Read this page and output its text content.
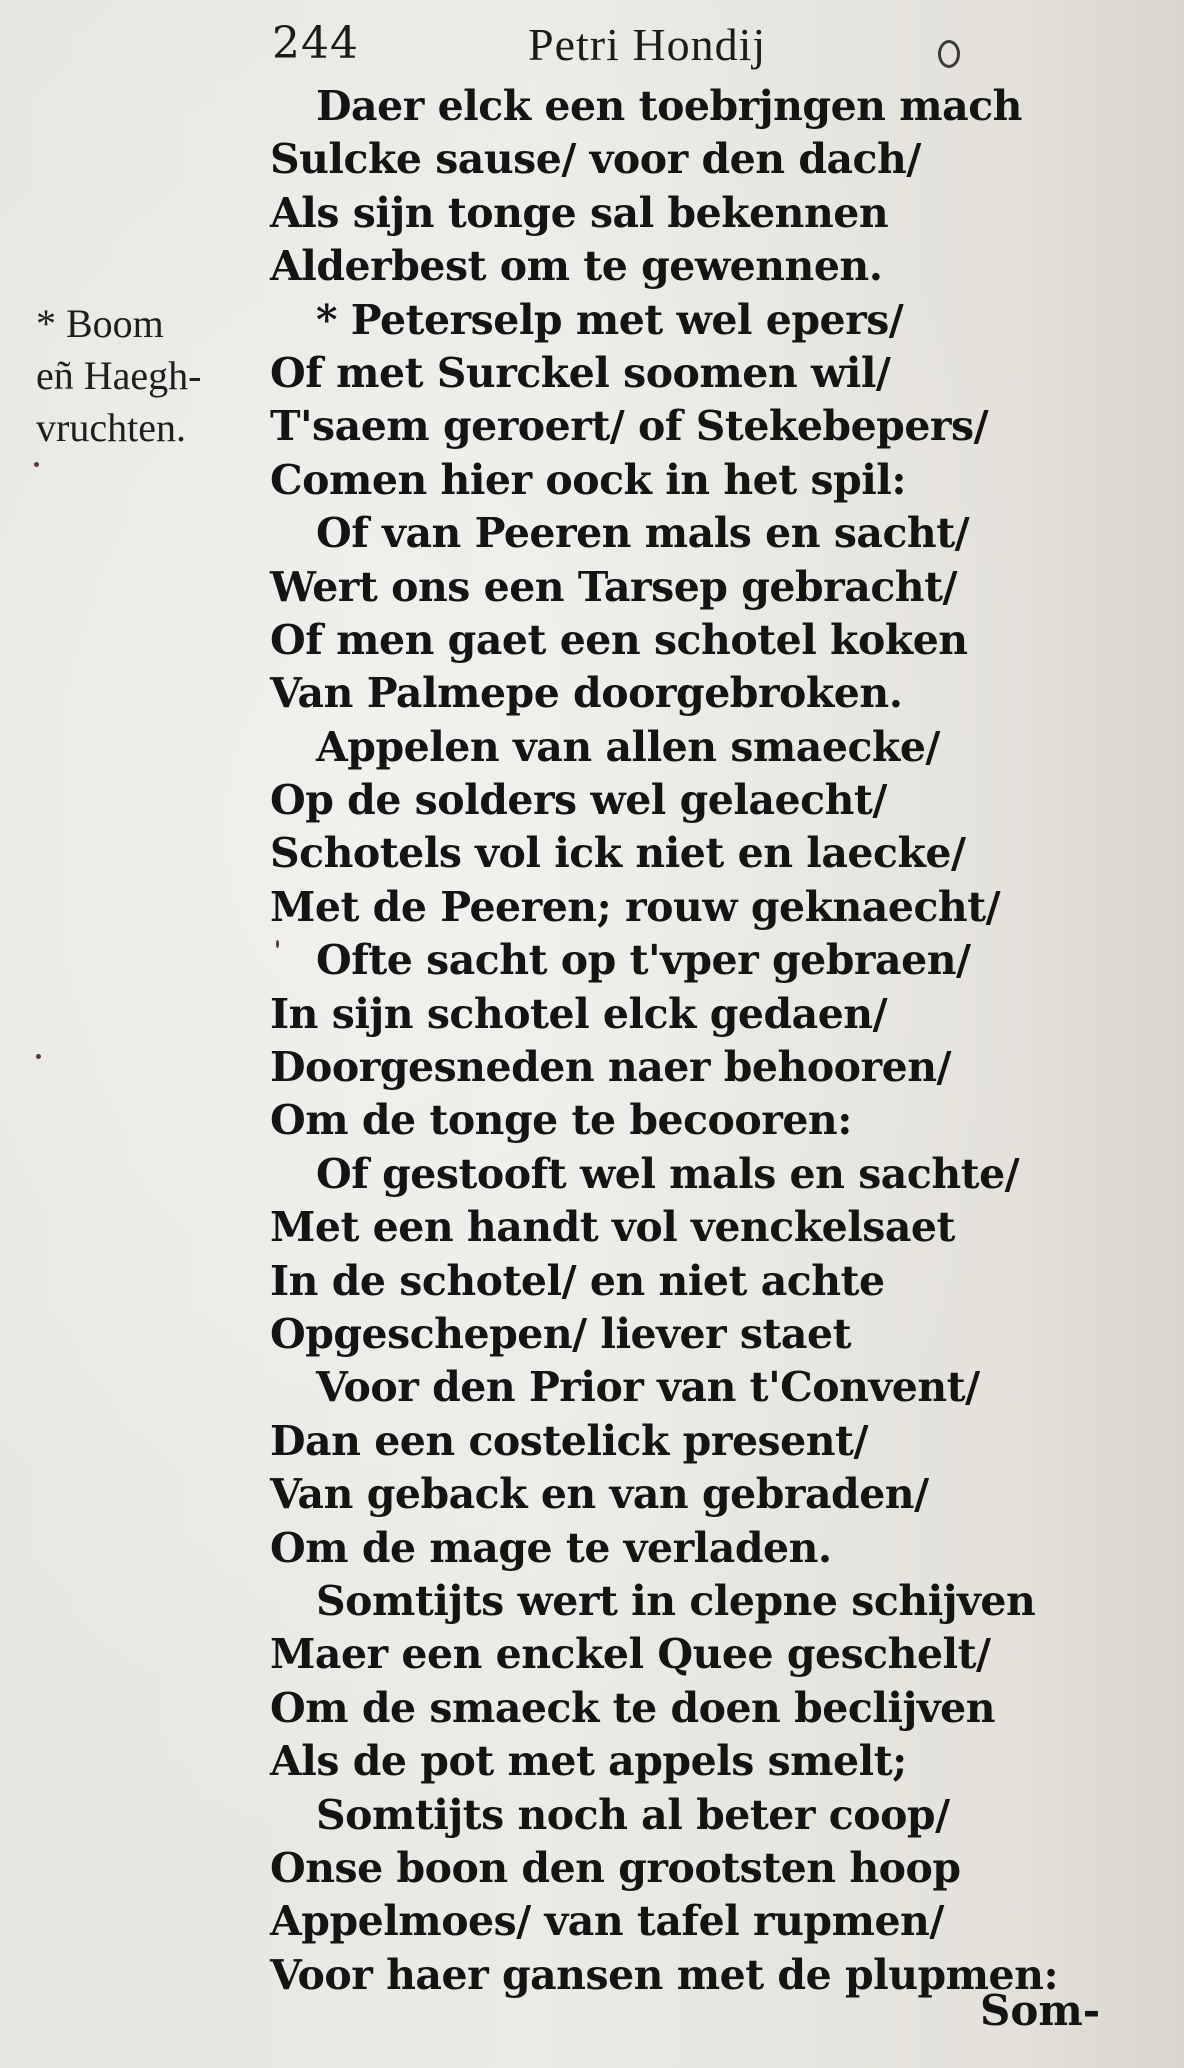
244	Petri Hondij
* Boom
eñ Haegh-
vruchten.
Daer elck een toebrjngen mach
Sulcke sause/ voor den dach/
Als sijn tonge sal bekennen
Alderbest om te gewennen.
* Peterselp met wel epers/
Of met Surckel soomen wil/
T'saem geroert/ of Stekebepers/
Comen hier oock in het spil:
Of van Peeren mals en sacht/
Wert ons een Tarsep gebracht/
Of men gaet een schotel koken
Van Palmepe doorgebroken.
Appelen van allen smaecke/
Op de solders wel gelaecht/
Schotels vol ick niet en laecke/
Met de Peeren; rouw geknaecht/
Ofte sacht op t'vper gebraen/
In sijn schotel elck gedaen/
Doorgesneden naer behooren/
Om de tonge te becooren:
Of gestooft wel mals en sachte/
Met een handt vol venckelsaet
In de schotel/ en niet achte
Opgeschepen/ liever staet
Voor den Prior van t'Convent/
Dan een costelick present/
Van geback en van gebraden/
Om de mage te verladen.
Somtijts wert in clepne schijven
Maer een enckel Quee geschelt/
Om de smaeck te doen beclijven
Als de pot met appels smelt;
Somtijts noch al beter coop/
Onse boon den grootsten hoop
Appelmoes/ van tafel rupmen/
Voor haer gansen met de plupmen:
Som-
